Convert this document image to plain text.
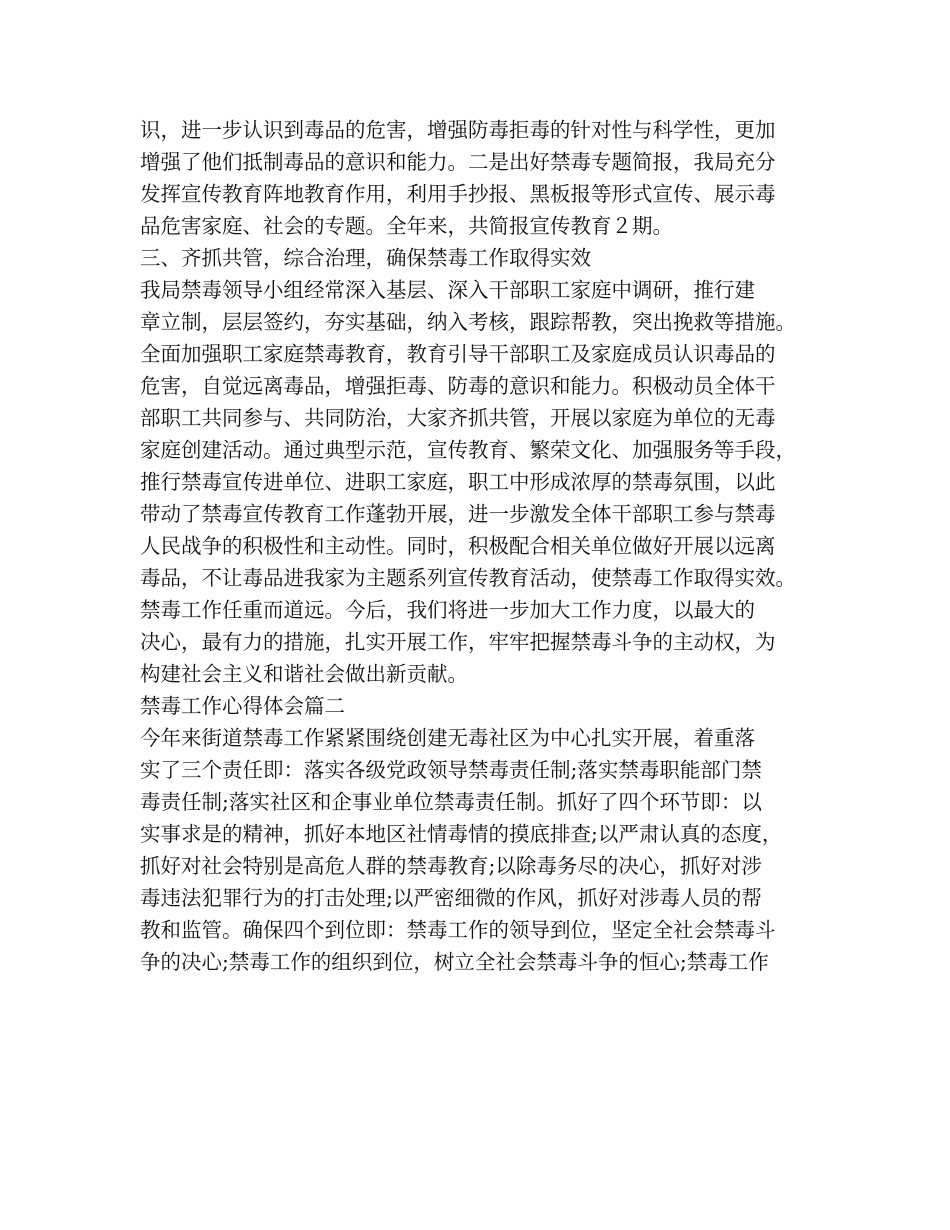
识，进一步认识到毒品的危害，增强防毒拒毒的针对性与科学性，更加
增强了他们抵制毒品的意识和能力。二是出好禁毒专题简报，我局充分
发挥宣传教育阵地教育作用，利用手抄报、黑板报等形式宣传、展示毒
品危害家庭、社会的专题。全年来，共简报宣传教育２期。
三、齐抓共管，综合治理，确保禁毒工作取得实效
我局禁毒领导小组经常深入基层、深入干部职工家庭中调研，推行建
章立制，层层签约，夯实基础，纳入考核，跟踪帮教，突出挽救等措施。
全面加强职工家庭禁毒教育，教育引导干部职工及家庭成员认识毒品的
危害，自觉远离毒品，增强拒毒、防毒的意识和能力。积极动员全体干
部职工共同参与、共同防治，大家齐抓共管，开展以家庭为单位的无毒
家庭创建活动。通过典型示范，宣传教育、繁荣文化、加强服务等手段，
推行禁毒宣传进单位、进职工家庭，职工中形成浓厚的禁毒氛围，以此
带动了禁毒宣传教育工作蓬勃开展，进一步激发全体干部职工参与禁毒
人民战争的积极性和主动性。同时，积极配合相关单位做好开展以远离
毒品，不让毒品进我家为主题系列宣传教育活动，使禁毒工作取得实效。
禁毒工作任重而道远。今后，我们将进一步加大工作力度，以最大的
决心，最有力的措施，扎实开展工作，牢牢把握禁毒斗争的主动权，为
构建社会主义和谐社会做出新贡献。
禁毒工作心得体会篇二
今年来街道禁毒工作紧紧围绕创建无毒社区为中心扎实开展，着重落
实了三个责任即：落实各级党政领导禁毒责任制;落实禁毒职能部门禁
毒责任制;落实社区和企事业单位禁毒责任制。抓好了四个环节即：以
实事求是的精神，抓好本地区社情毒情的摸底排查;以严肃认真的态度，
抓好对社会特别是高危人群的禁毒教育;以除毒务尽的决心，抓好对涉
毒违法犯罪行为的打击处理;以严密细微的作风，抓好对涉毒人员的帮
教和监管。确保四个到位即：禁毒工作的领导到位，坚定全社会禁毒斗
争的决心;禁毒工作的组织到位，树立全社会禁毒斗争的恒心;禁毒工作
